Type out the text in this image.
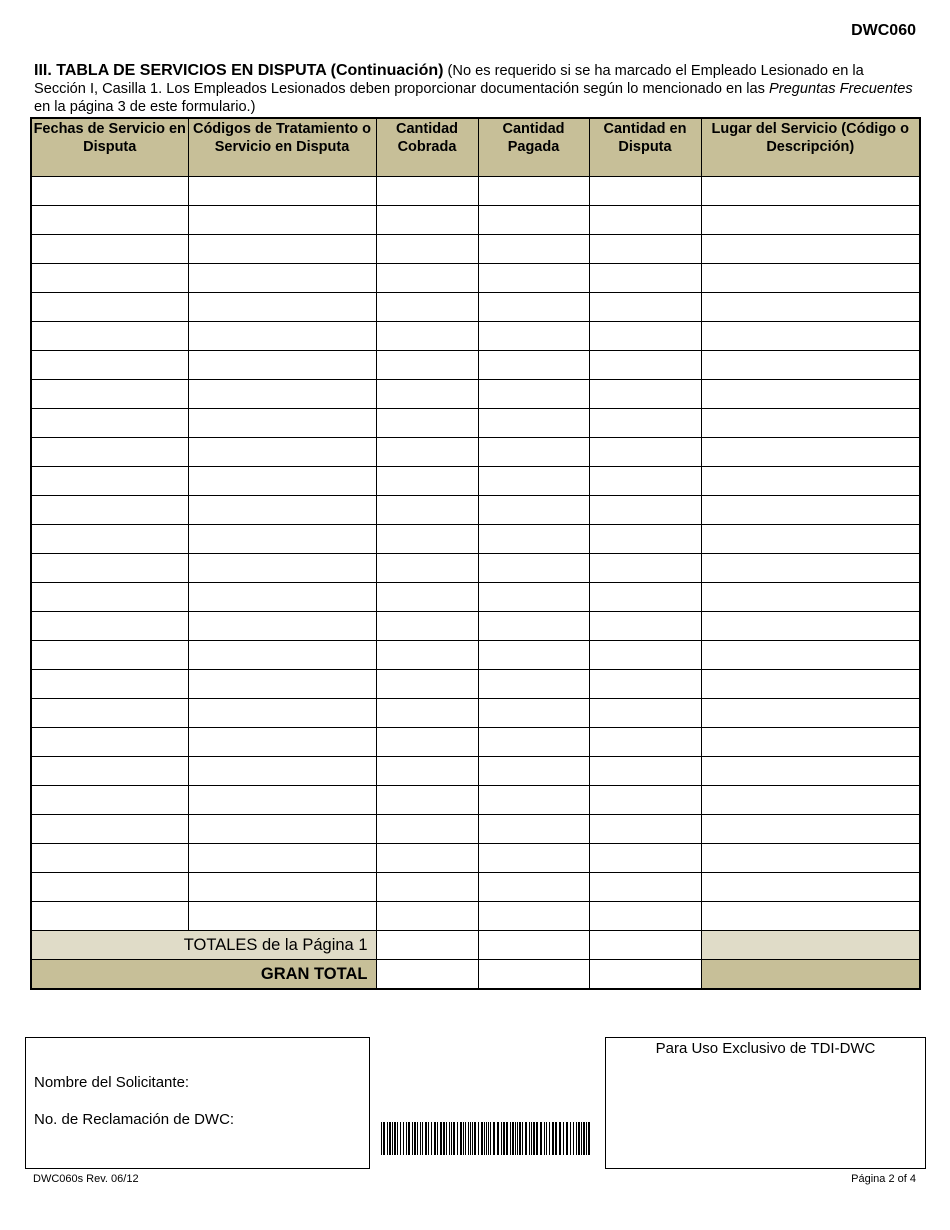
DWC060
III. TABLA DE SERVICIOS EN DISPUTA (Continuación) (No es requerido si se ha marcado el Empleado Lesionado en la Sección I, Casilla 1. Los Empleados Lesionados deben proporcionar documentación según lo mencionado en las Preguntas Frecuentes en la página 3 de este formulario.)
Fechas de Servicio en Disputa	Códigos de Tratamiento o Servicio en Disputa	Cantidad Cobrada	Cantidad Pagada	Cantidad en Disputa	Lugar del Servicio (Código o Descripción)

TOTALES de la Página 1					
GRAN TOTAL					
Nombre del Solicitante:
No. de Reclamación de DWC:
Para Uso Exclusivo de TDI-DWC
DWC060s Rev. 06/12	Página 2 of 4
